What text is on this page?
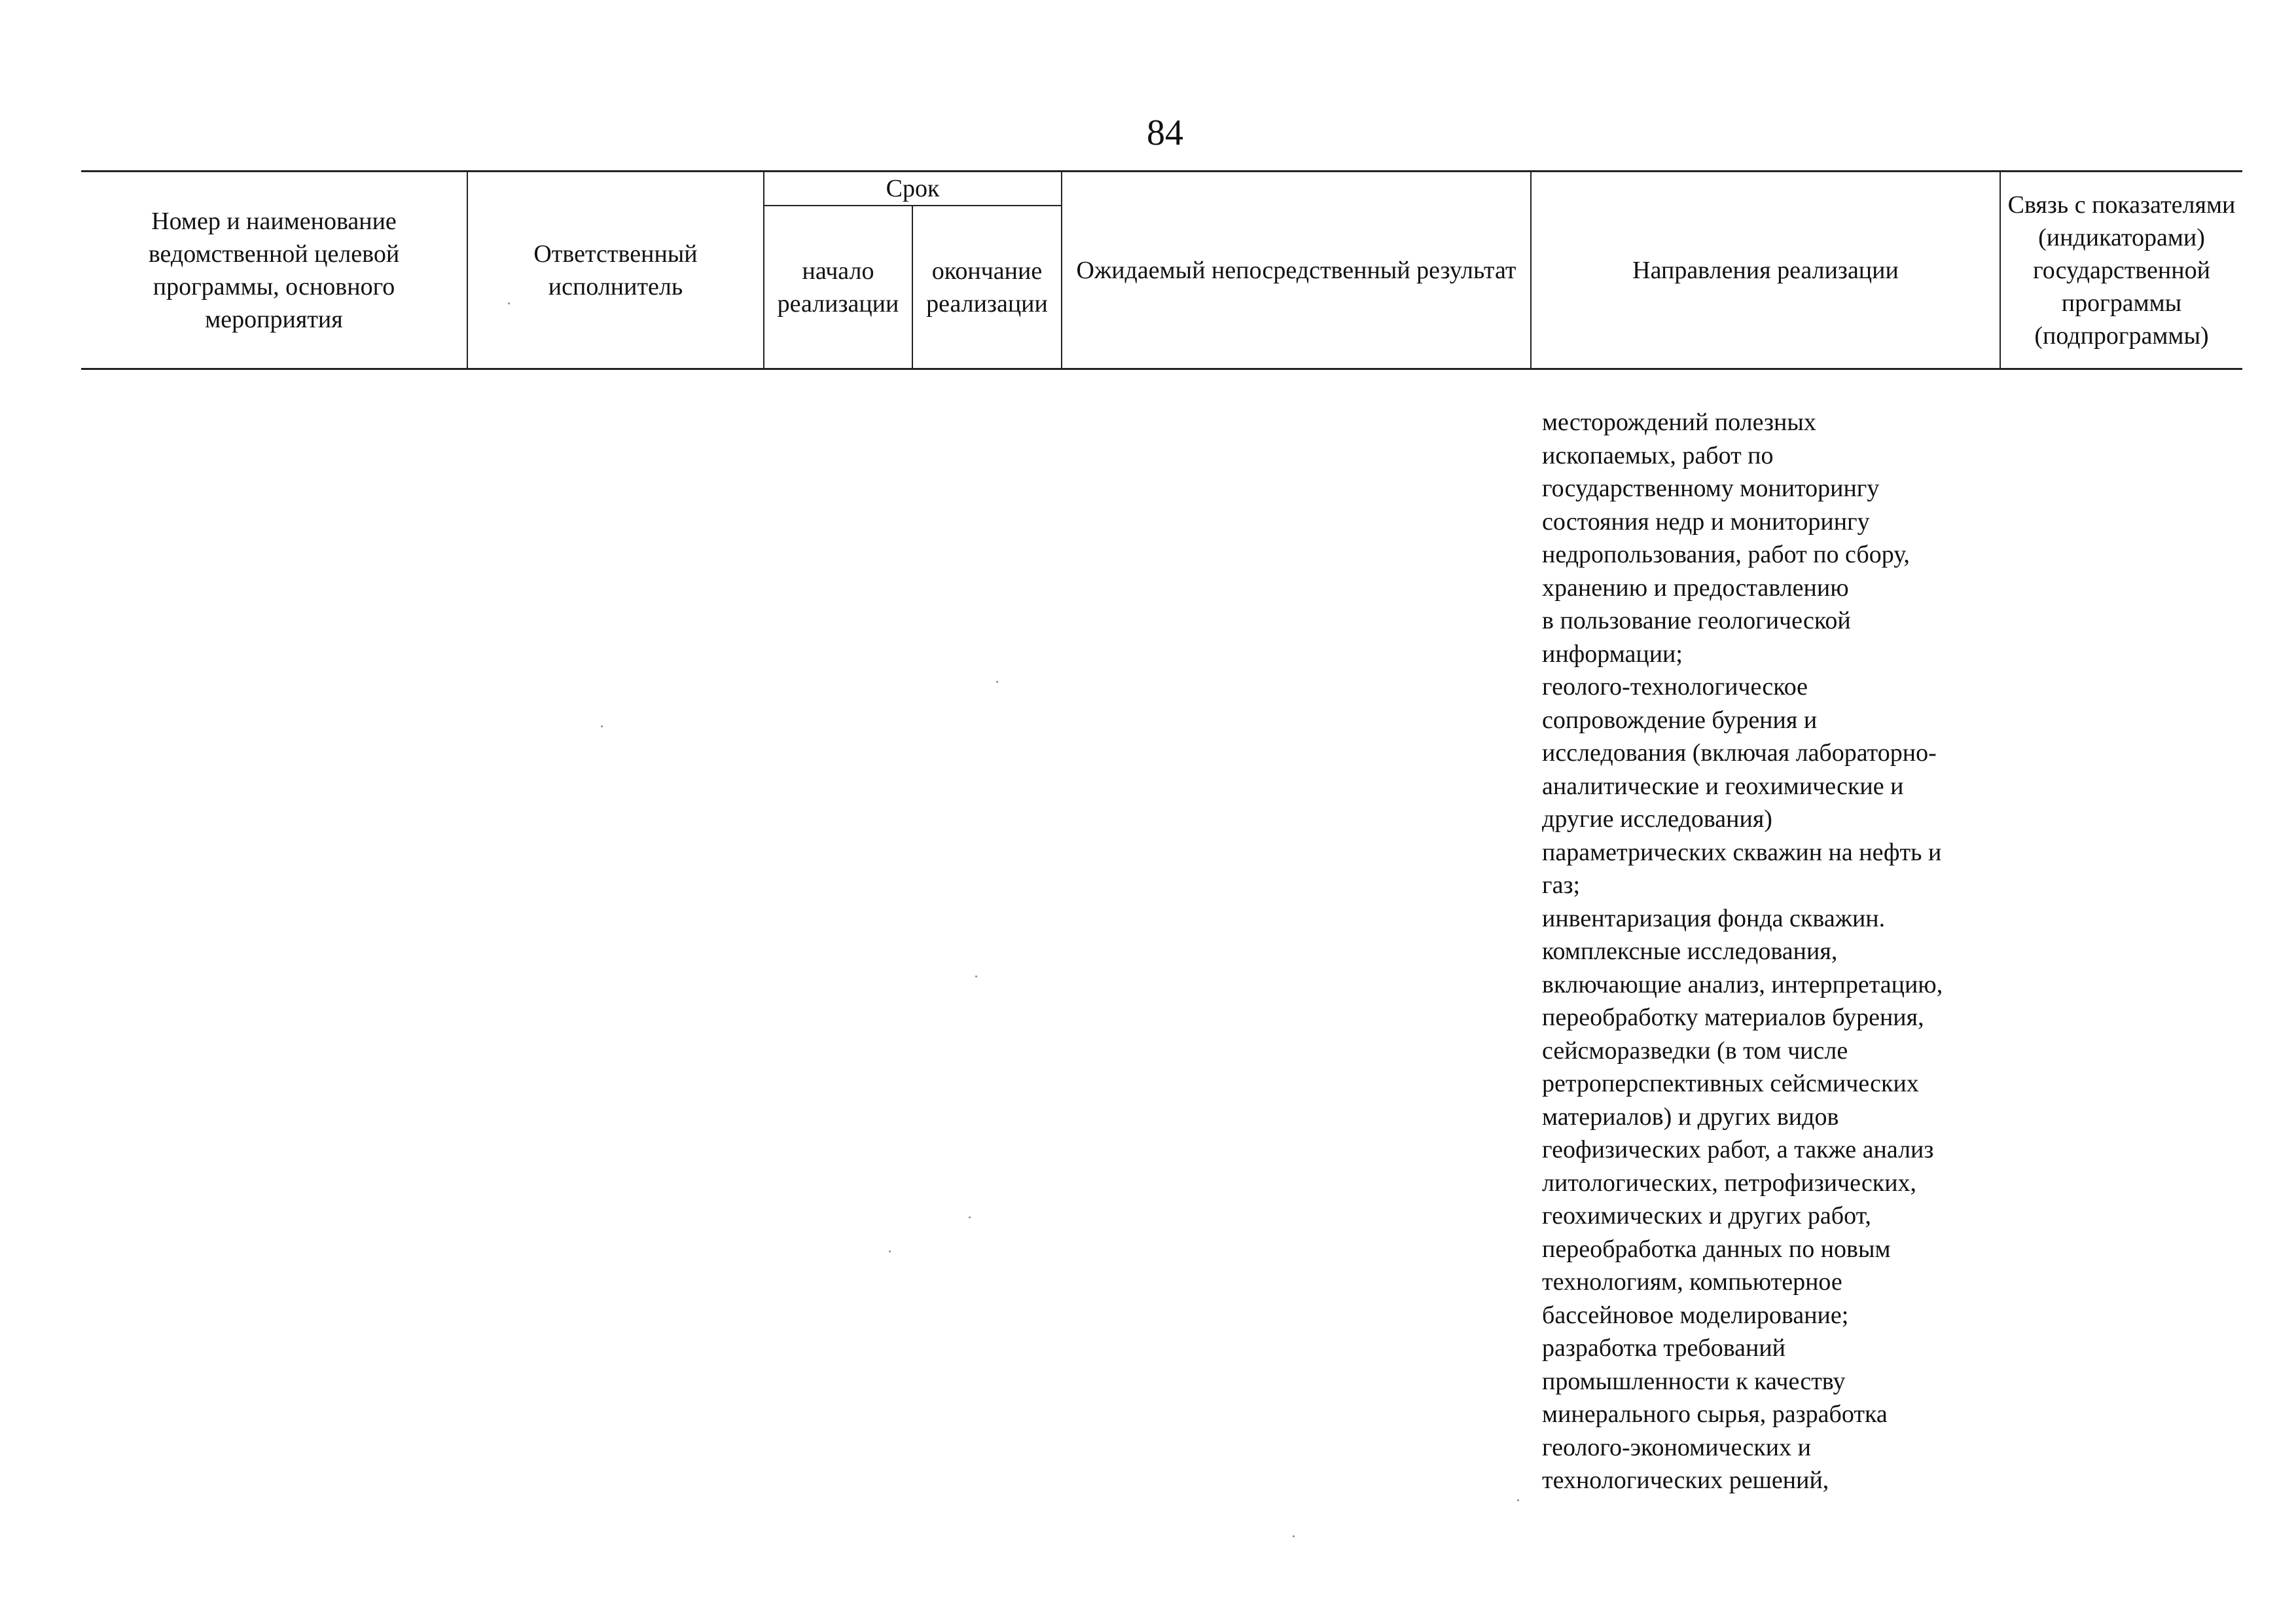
84
Номер и наименование ведомственной целевой программы, основного мероприятия	Ответственный исполнитель	Срок		Ожидаемый непосредственный результат	Направления реализации	Связь с показателями (индикаторами) государственной программы (подпрограммы)
		начало реализации	окончание реализации			
месторождений полезных
ископаемых, работ по
государственному мониторингу
состояния недр и мониторингу
недропользования, работ по сбору,
хранению и предоставлению
в пользование геологической
информации;
геолого-технологическое
сопровождение бурения и
исследования (включая лабораторно-
аналитические и геохимические и
другие исследования)
параметрических скважин на нефть и
газ;
инвентаризация фонда скважин.
комплексные исследования,
включающие анализ, интерпретацию,
переобработку материалов бурения,
сейсморазведки (в том числе
ретроперспективных сейсмических
материалов) и других видов
геофизических работ, а также анализ
литологических, петрофизических,
геохимических и других работ,
переобработка данных по новым
технологиям, компьютерное
бассейновое моделирование;
разработка требований
промышленности к качеству
минерального сырья, разработка
геолого-экономических и
технологических решений,
